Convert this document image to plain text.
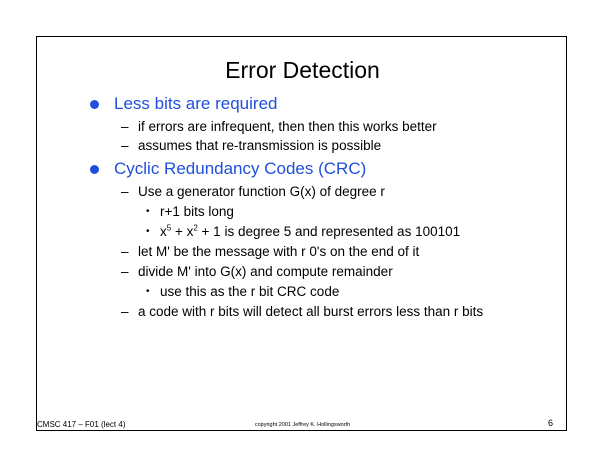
Error Detection
Less bits are required
– if errors are infrequent, then then this works better
– assumes that re-transmission is possible
Cyclic Redundancy Codes (CRC)
– Use a generator function G(x) of degree r
• r+1 bits long
• $x^5 + x^2 + 1$ is degree 5 and represented as 100101
– let M' be the message with r 0's on the end of it
– divide M' into G(x) and compute remainder
• use this as the r bit CRC code
– a code with r bits will detect all burst errors less than r bits
CMSC 417 – F01 (lect 4)	copyright 2001 Jeffrey K. Hollingsworth	6
